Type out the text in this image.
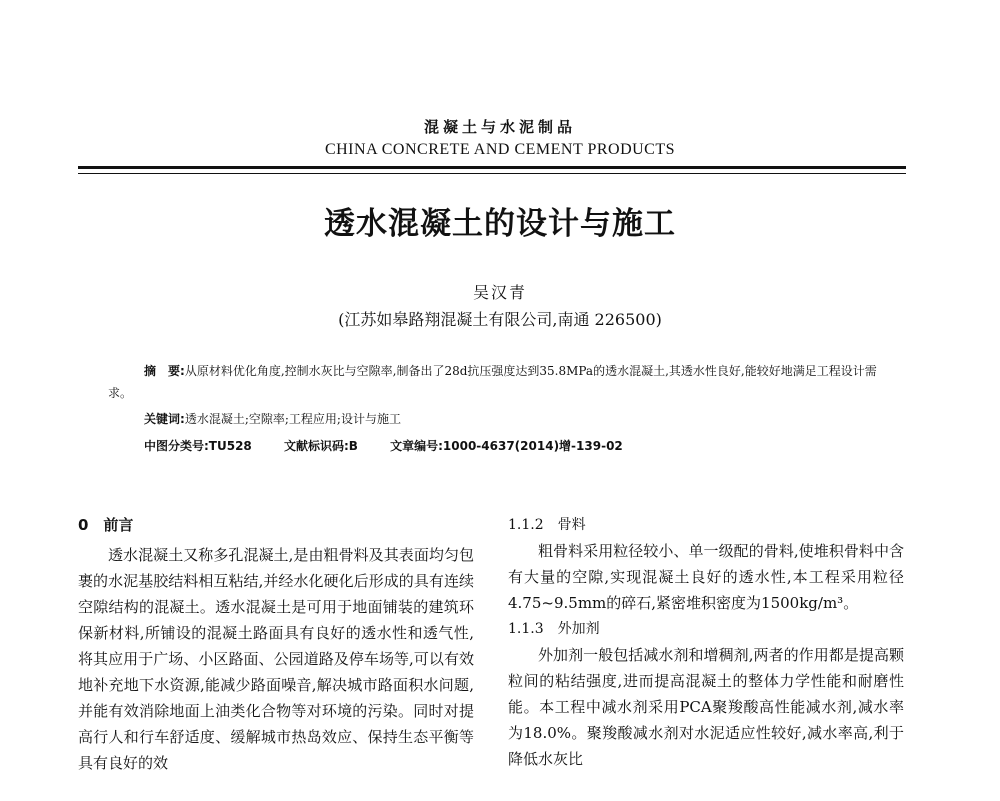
混凝土与水泥制品
CHINA CONCRETE AND CEMENT PRODUCTS
透水混凝土的设计与施工
吴汉青
(江苏如皋路翔混凝土有限公司,南通 226500)
摘　要:从原材料优化角度,控制水灰比与空隙率,制备出了28d抗压强度达到35.8MPa的透水混凝土,其透水性良好,能较好地满足工程设计需求。
关键词:透水混凝土;空隙率;工程应用;设计与施工
中图分类号:TU528	文献标识码:B	文章编号:1000-4637(2014)增-139-02
0　前言

透水混凝土又称多孔混凝土,是由粗骨料及其表面均匀包裹的水泥基胶结料相互粘结,并经水化硬化后形成的具有连续空隙结构的混凝土。透水混凝土是可用于地面铺装的建筑环保新材料,所铺设的混凝土路面具有良好的透水性和透气性,将其应用于广场、小区路面、公园道路及停车场等,可以有效地补充地下水资源,能减少路面噪音,解决城市路面积水问题,并能有效消除地面上油类化合物等对环境的污染。同时对提高行人和行车舒适度、缓解城市热岛效应、保持生态平衡等具有良好的效

1.1.2　骨料

粗骨料采用粒径较小、单一级配的骨料,使堆积骨料中含有大量的空隙,实现混凝土良好的透水性,本工程采用粒径4.75~9.5mm的碎石,紧密堆积密度为1500kg/m³。

1.1.3　外加剂

外加剂一般包括减水剂和增稠剂,两者的作用都是提高颗粒间的粘结强度,进而提高混凝土的整体力学性能和耐磨性能。本工程中减水剂采用PCA聚羧酸高性能减水剂,减水率为18.0%。聚羧酸减水剂对水泥适应性较好,减水率高,利于降低水灰比
